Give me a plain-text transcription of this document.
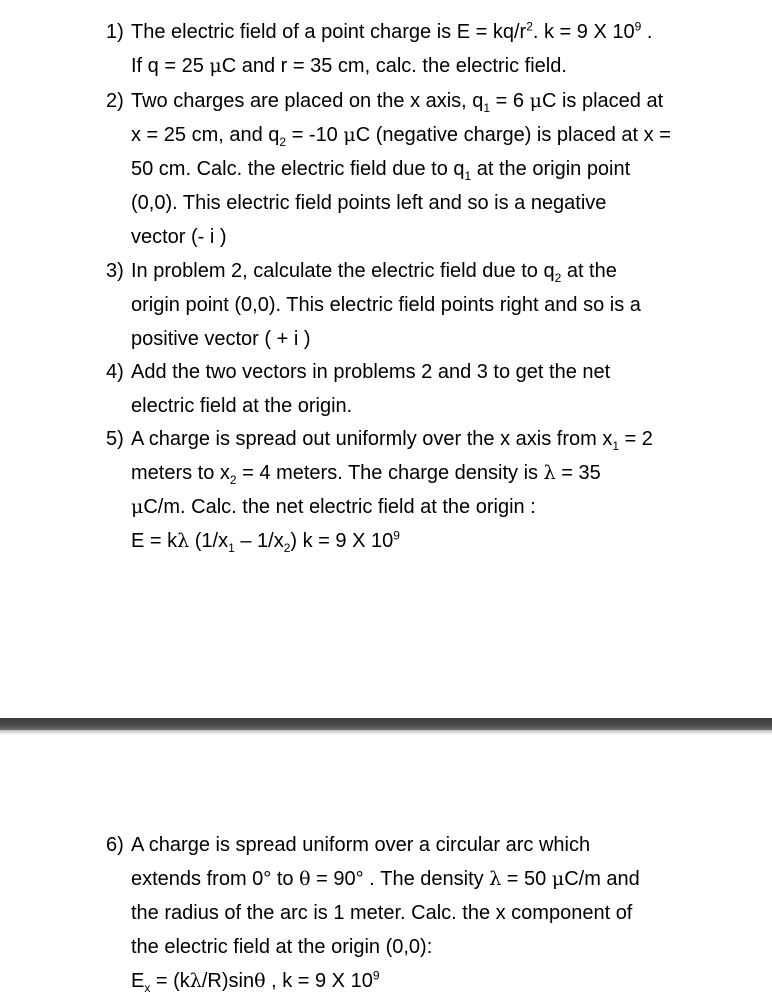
1) The electric field of a point charge is $E = kq/r^2$. k = 9 X $10^9$ .
If q = 25 μC and r = 35 cm, calc. the electric field.
2) Two charges are placed on the x axis, $q_1 = 6$ μC is placed at
x = 25 cm, and $q_2 = -10$ μC (negative charge) is placed at x =
50 cm. Calc. the electric field due to $q_1$ at the origin point
(0,0). This electric field points left and so is a negative
vector (- i )
3) In problem 2, calculate the electric field due to $q_2$ at the
origin point (0,0). This electric field points right and so is a
positive vector ( + i )
4) Add the two vectors in problems 2 and 3 to get the net
electric field at the origin.
5) A charge is spread out uniformly over the x axis from $x_1 = 2$
meters to $x_2 = 4$ meters. The charge density is λ = 35
μC/m. Calc. the net electric field at the origin :
E = kλ $(1/x_1 - 1/x_2) k = 9$ X $10^9$
6) A charge is spread uniform over a circular arc which
extends from 0° to θ = 90° . The density λ = 50 μC/m and
the radius of the arc is 1 meter. Calc. the x component of
the electric field at the origin (0,0):
$E_x = (k\lambda/R)\sin\theta$ , k = 9 X $10^9$
